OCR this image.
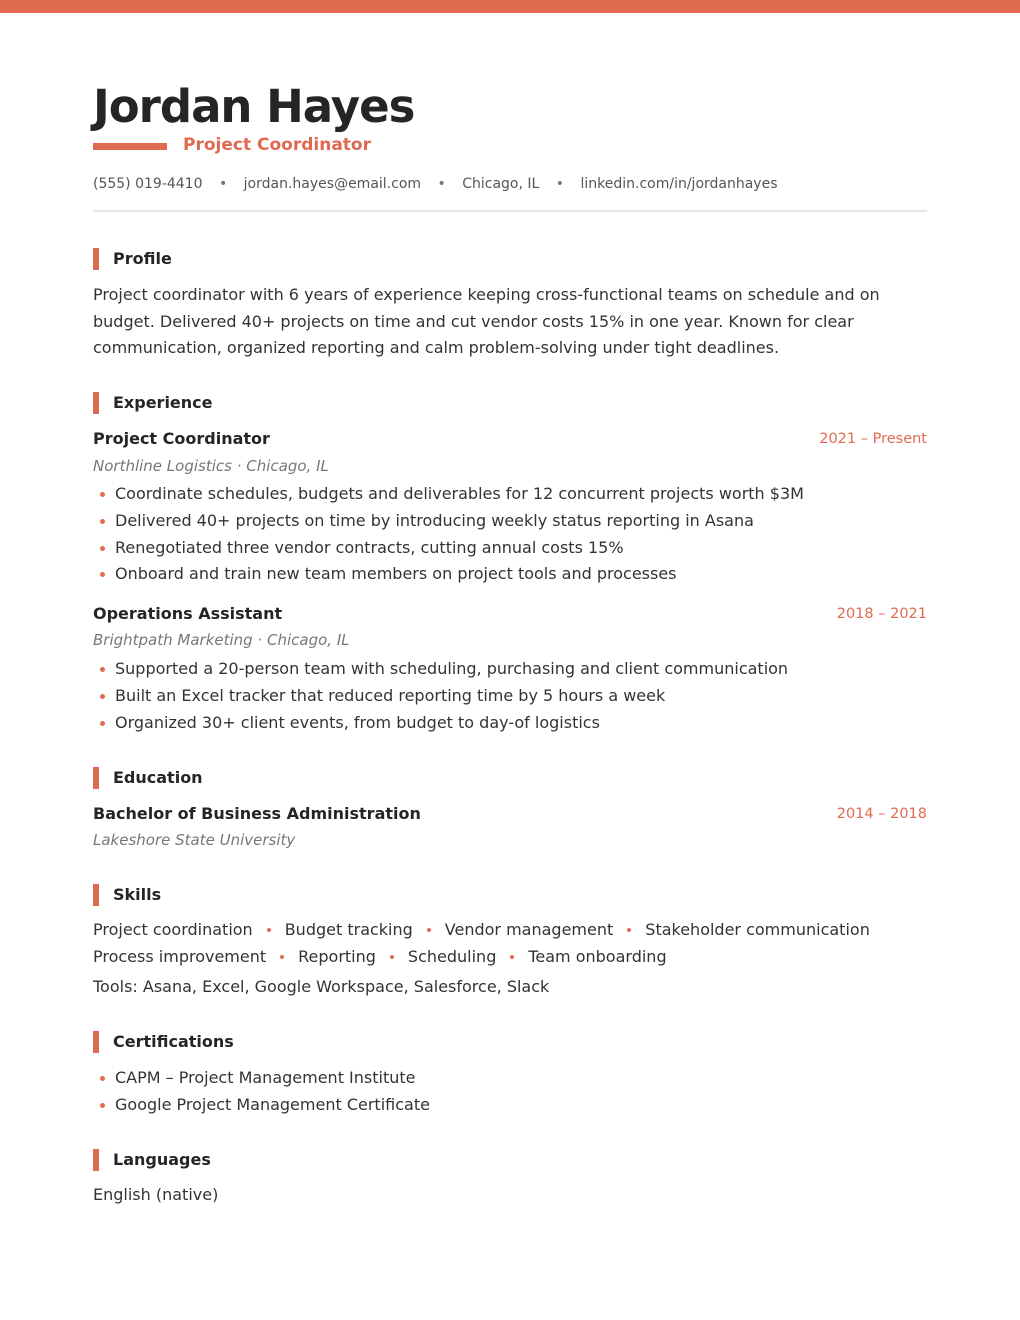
Jordan Hayes
Project Coordinator
(555) 019-4410 • jordan.hayes@email.com • Chicago, IL • linkedin.com/in/jordanhayes
Profile
Project coordinator with 6 years of experience keeping cross-functional teams on schedule and on budget. Delivered 40+ projects on time and cut vendor costs 15% in one year. Known for clear communication, organized reporting and calm problem-solving under tight deadlines.
Experience
Project Coordinator	2021 – Present
Northline Logistics · Chicago, IL
Coordinate schedules, budgets and deliverables for 12 concurrent projects worth $3M
Delivered 40+ projects on time by introducing weekly status reporting in Asana
Renegotiated three vendor contracts, cutting annual costs 15%
Onboard and train new team members on project tools and processes
Operations Assistant	2018 – 2021
Brightpath Marketing · Chicago, IL
Supported a 20-person team with scheduling, purchasing and client communication
Built an Excel tracker that reduced reporting time by 5 hours a week
Organized 30+ client events, from budget to day-of logistics
Education
Bachelor of Business Administration	2014 – 2018
Lakeshore State University
Skills
Project coordination Budget tracking Vendor management Stakeholder communication
Process improvement Reporting Scheduling Team onboarding
Tools: Asana, Excel, Google Workspace, Salesforce, Slack
Certifications
CAPM – Project Management Institute
Google Project Management Certificate
Languages
English (native)
